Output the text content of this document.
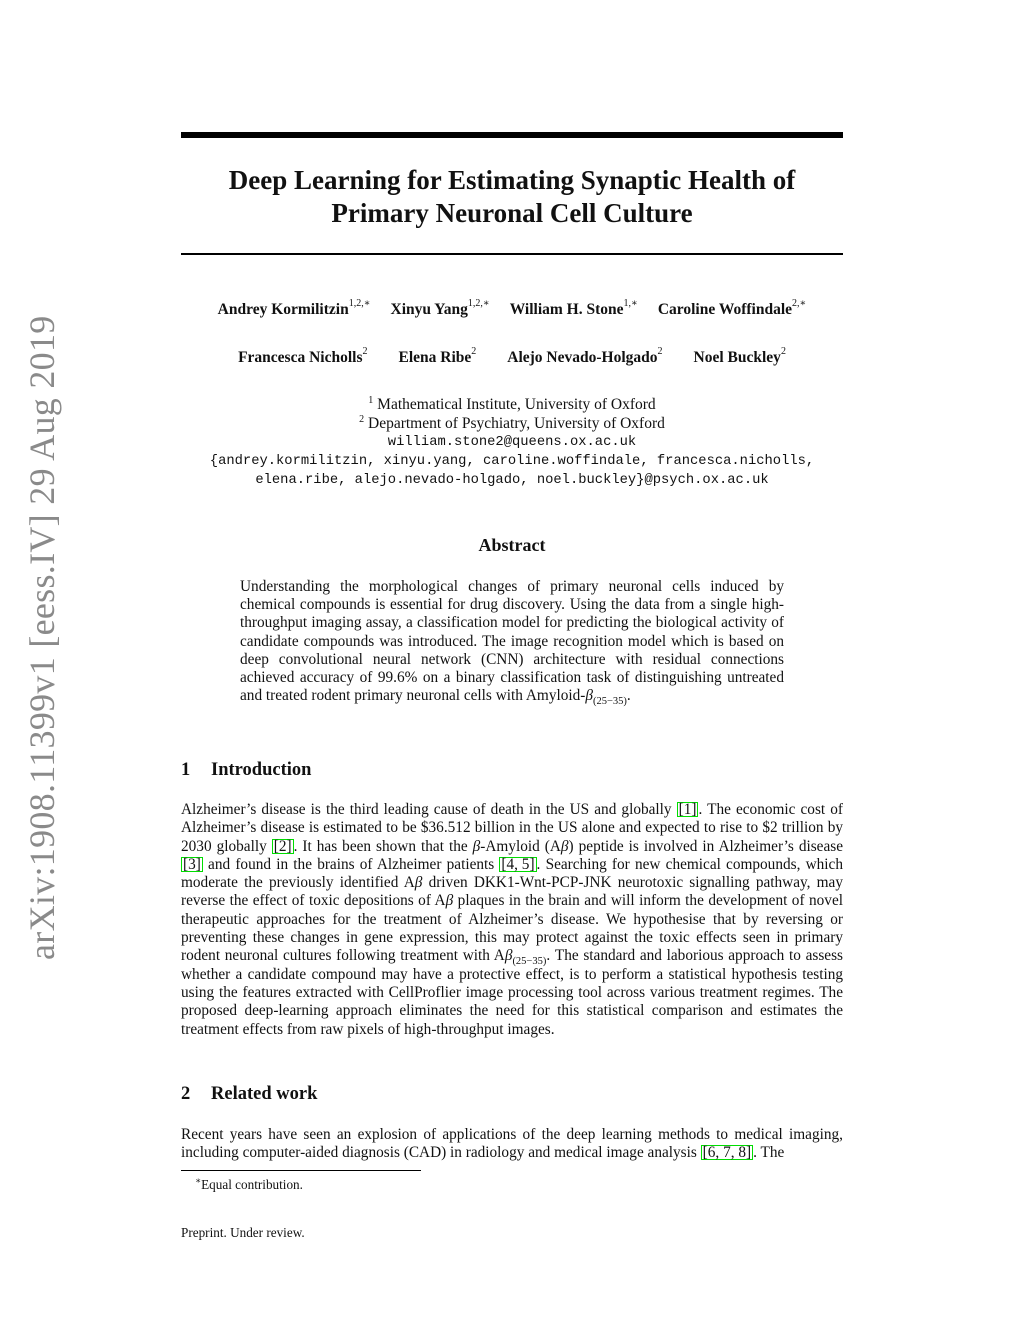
arXiv:1908.11399v1 [eess.IV] 29 Aug 2019
Deep Learning for Estimating Synaptic Health of
Primary Neuronal Cell Culture
Andrey Kormilitzin$^{1,2,∗}$ Xinyu Yang$^{1,2,∗}$ William H. Stone$^{1,∗}$ Caroline Woffindale$^{2,∗}$
Francesca Nicholls$^2$ Elena Ribe$^2$ Alejo Nevado-Holgado$^2$ Noel Buckley$^2$
$^1$ Mathematical Institute, University of Oxford
$^2$ Department of Psychiatry, University of Oxford
william.stone2@queens.ox.ac.uk
{andrey.kormilitzin, xinyu.yang, caroline.woffindale, francesca.nicholls,
elena.ribe, alejo.nevado-holgado, noel.buckley}@psych.ox.ac.uk
Abstract

Understanding the morphological changes of primary neuronal cells induced by chemical compounds is essential for drug discovery. Using the data from a single high-throughput imaging assay, a classification model for predicting the biological activity of candidate compounds was introduced. The image recognition model which is based on deep convolutional neural network (CNN) architecture with residual connections achieved accuracy of 99.6% on a binary classification task of distinguishing untreated and treated rodent primary neuronal cells with Amyloid-$\beta_{(25-35)}$.

1 Introduction

Alzheimer’s disease is the third leading cause of death in the US and globally [1] . The economic cost of Alzheimer’s disease is estimated to be $36.512 billion in the US alone and expected to rise to $2 trillion by 2030 globally [2] . It has been shown that the β-Amyloid (Aβ) peptide is involved in Alzheimer’s disease [3] and found in the brains of Alzheimer patients [4, 5] . Searching for new chemical compounds, which moderate the previously identified Aβ driven DKK1-Wnt-PCP-JNK neurotoxic signalling pathway, may reverse the effect of toxic depositions of Aβ plaques in the brain and will inform the development of novel therapeutic approaches for the treatment of Alzheimer’s disease. We hypothesise that by reversing or preventing these changes in gene expression, this may protect against the toxic effects seen in primary rodent neuronal cultures following treatment with $A\beta_{(25-35)}$. The standard and laborious approach to assess whether a candidate compound may have a protective effect, is to perform a statistical hypothesis testing using the features extracted with CellProflier image processing tool across various treatment regimes. The proposed deep-learning approach eliminates the need for this statistical comparison and estimates the treatment effects from raw pixels of high-throughput images.

2 Related work

Recent years have seen an explosion of applications of the deep learning methods to medical imaging, including computer-aided diagnosis (CAD) in radiology and medical image analysis [6, 7, 8] . The

∗Equal contribution.
Preprint. Under review.
